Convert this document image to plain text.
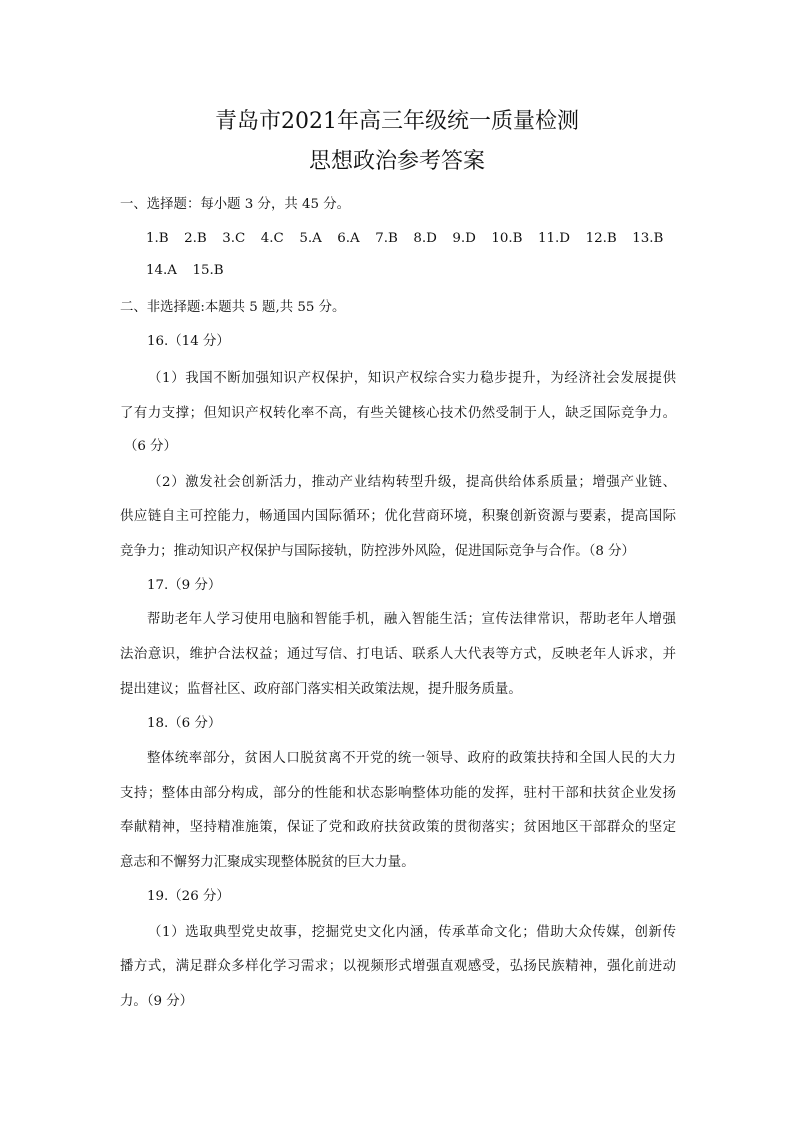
青岛市2021年高三年级统一质量检测
思想政治参考答案
一、选择题：每小题 3 分，共 45 分。
1.B 2.B 3.C 4.C 5.A 6.A 7.B 8.D 9.D 10.B 11.D 12.B 13.B
14.A 15.B
二、非选择题:本题共 5 题,共 55 分。
16.（14 分）
（1）我国不断加强知识产权保护，知识产权综合实力稳步提升，为经济社会发展提供
了有力支撑；但知识产权转化率不高，有些关键核心技术仍然受制于人，缺乏国际竞争力。
（6 分）
（2）激发社会创新活力，推动产业结构转型升级，提高供给体系质量；增强产业链、
供应链自主可控能力，畅通国内国际循环；优化营商环境，积聚创新资源与要素，提高国际
竞争力；推动知识产权保护与国际接轨，防控涉外风险，促进国际竞争与合作。（8 分）
17.（9 分）
帮助老年人学习使用电脑和智能手机，融入智能生活；宣传法律常识，帮助老年人增强
法治意识，维护合法权益；通过写信、打电话、联系人大代表等方式，反映老年人诉求，并
提出建议；监督社区、政府部门落实相关政策法规，提升服务质量。
18.（6 分）
整体统率部分，贫困人口脱贫离不开党的统一领导、政府的政策扶持和全国人民的大力
支持；整体由部分构成，部分的性能和状态影响整体功能的发挥，驻村干部和扶贫企业发扬
奉献精神，坚持精准施策，保证了党和政府扶贫政策的贯彻落实；贫困地区干部群众的坚定
意志和不懈努力汇聚成实现整体脱贫的巨大力量。
19.（26 分）
（1）选取典型党史故事，挖掘党史文化内涵，传承革命文化；借助大众传媒，创新传
播方式，满足群众多样化学习需求；以视频形式增强直观感受，弘扬民族精神，强化前进动
力。（9 分）
